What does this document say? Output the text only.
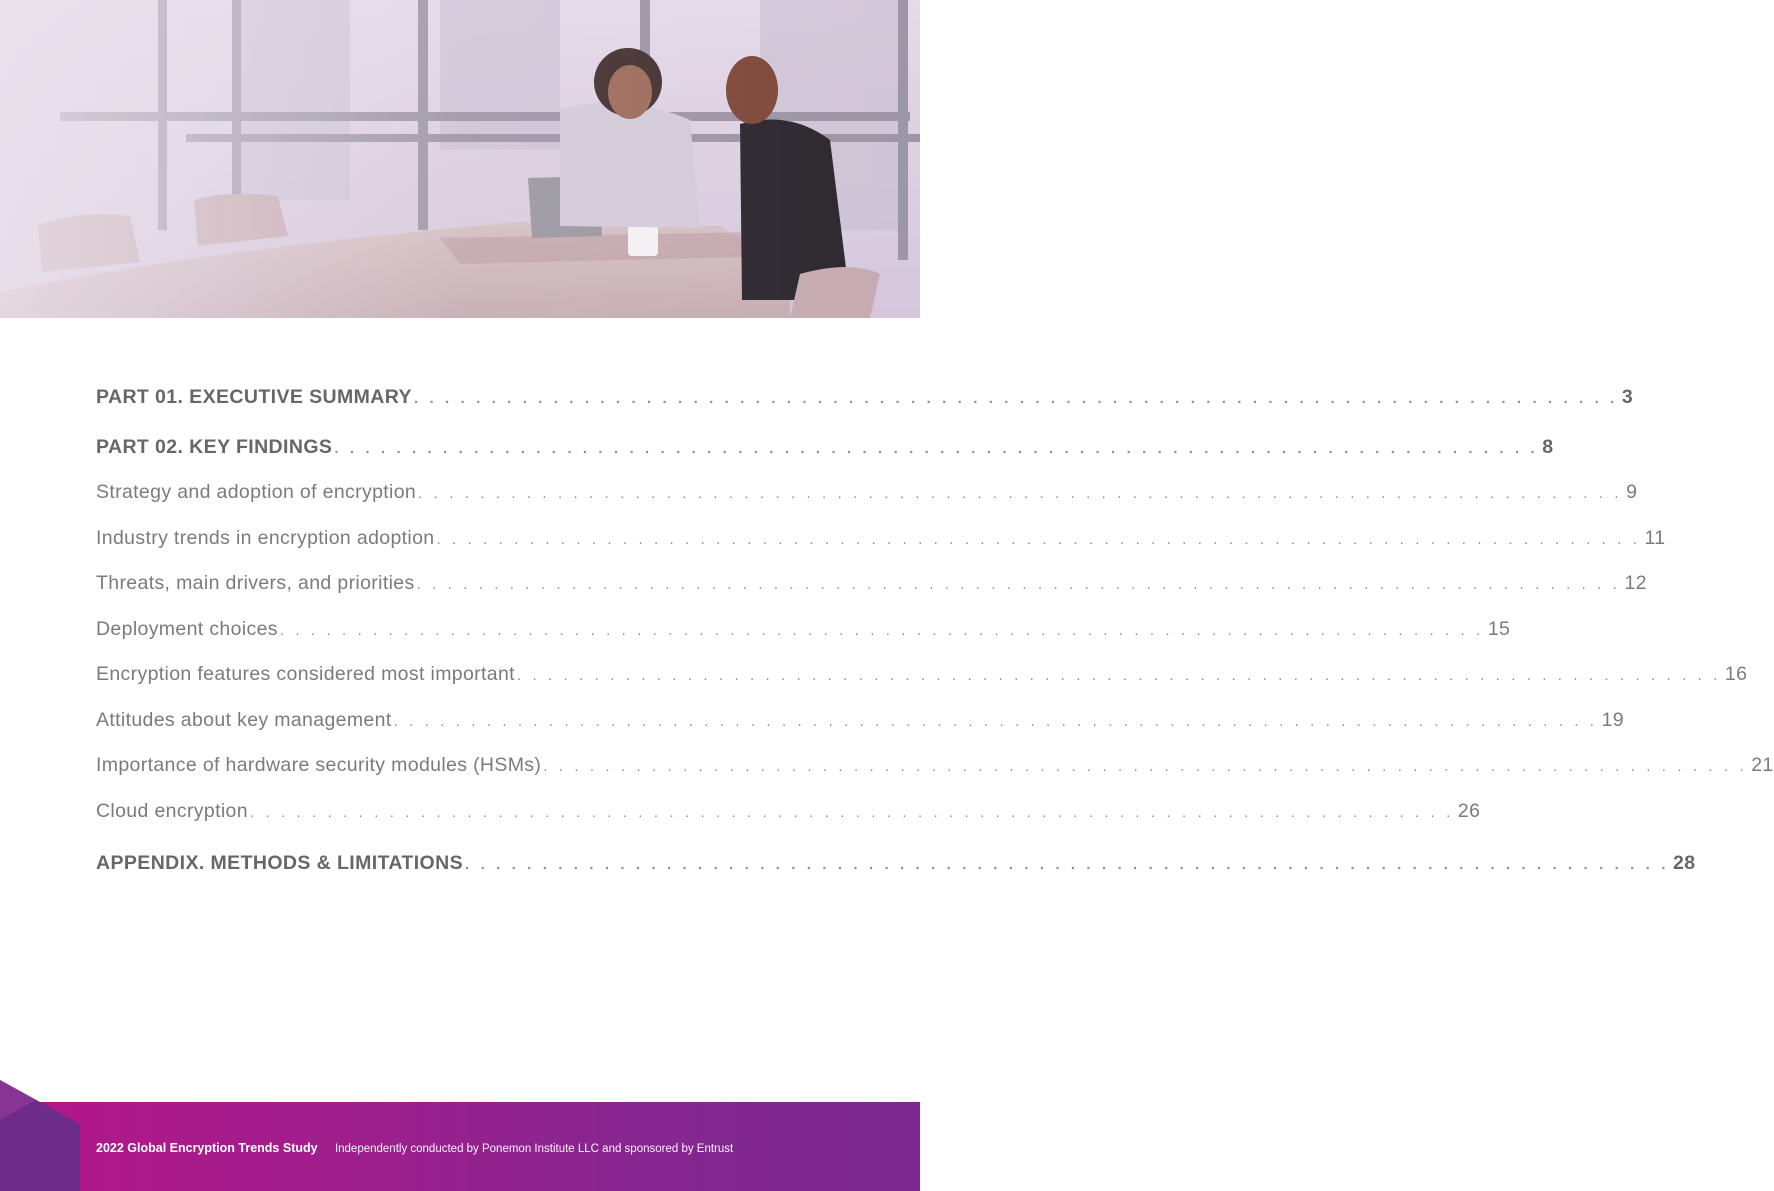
PART 01. EXECUTIVE SUMMARY . . . . . . . . . . . . . . . . . . . . . . . . . . . . . . . . . . . . . . . . . . . . . . . . . . . . . . . . . . . . . . . . . . . . . . . . . . . . . . 3
PART 02. KEY FINDINGS . . . . . . . . . . . . . . . . . . . . . . . . . . . . . . . . . . . . . . . . . . . . . . . . . . . . . . . . . . . . . . . . . . . . . . . . . . . . . . 8
Strategy and adoption of encryption . . . . . . . . . . . . . . . . . . . . . . . . . . . . . . . . . . . . . . . . . . . . . . . . . . . . . . . . . . . . . . . . . . . . . . . . . . . . . . 9
Industry trends in encryption adoption . . . . . . . . . . . . . . . . . . . . . . . . . . . . . . . . . . . . . . . . . . . . . . . . . . . . . . . . . . . . . . . . . . . . . . . . . . . . . . 11
Threats, main drivers, and priorities . . . . . . . . . . . . . . . . . . . . . . . . . . . . . . . . . . . . . . . . . . . . . . . . . . . . . . . . . . . . . . . . . . . . . . . . . . . . . . 12
Deployment choices . . . . . . . . . . . . . . . . . . . . . . . . . . . . . . . . . . . . . . . . . . . . . . . . . . . . . . . . . . . . . . . . . . . . . . . . . . . . . . 15
Encryption features considered most important . . . . . . . . . . . . . . . . . . . . . . . . . . . . . . . . . . . . . . . . . . . . . . . . . . . . . . . . . . . . . . . . . . . . . . . . . . . . . . 16
Attitudes about key management . . . . . . . . . . . . . . . . . . . . . . . . . . . . . . . . . . . . . . . . . . . . . . . . . . . . . . . . . . . . . . . . . . . . . . . . . . . . . . 19
Importance of hardware security modules (HSMs) . . . . . . . . . . . . . . . . . . . . . . . . . . . . . . . . . . . . . . . . . . . . . . . . . . . . . . . . . . . . . . . . . . . . . . . . . . . . . . 21
Cloud encryption . . . . . . . . . . . . . . . . . . . . . . . . . . . . . . . . . . . . . . . . . . . . . . . . . . . . . . . . . . . . . . . . . . . . . . . . . . . . . . 26
APPENDIX. METHODS & LIMITATIONS . . . . . . . . . . . . . . . . . . . . . . . . . . . . . . . . . . . . . . . . . . . . . . . . . . . . . . . . . . . . . . . . . . . . . . . . . . . . . . 28
2022 Global Encryption Trends Study Independently conducted by Ponemon Institute LLC and sponsored by Entrust
